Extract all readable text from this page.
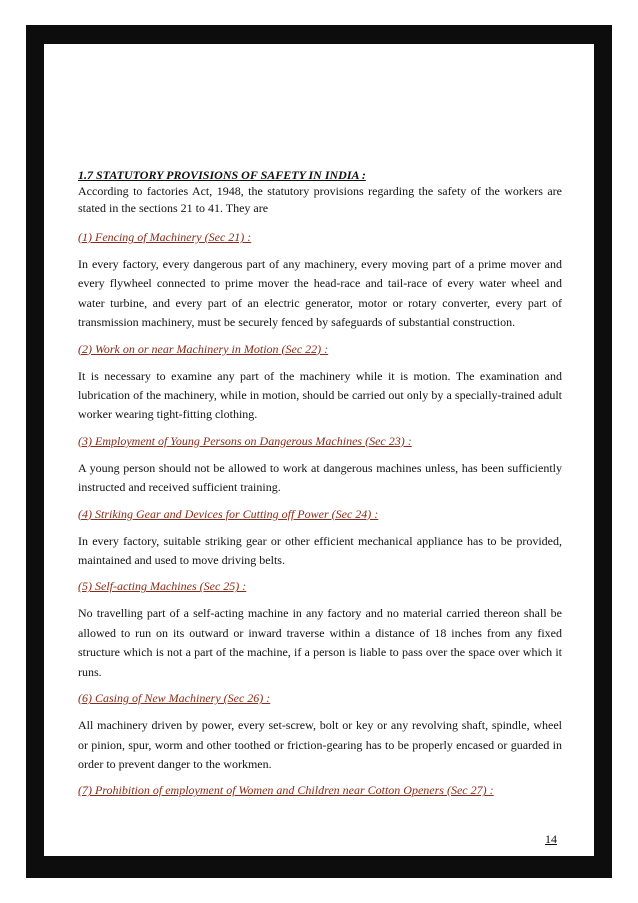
1.7 STATUTORY PROVISIONS OF SAFETY IN INDIA :

According to factories Act, 1948, the statutory provisions regarding the safety of the workers are stated in the sections 21 to 41. They are

(1) Fencing of Machinery (Sec 21) :

In every factory, every dangerous part of any machinery, every moving part of a prime mover and every flywheel connected to prime mover the head-race and tail-race of every water wheel and water turbine, and every part of an electric generator, motor or rotary converter, every part of transmission machinery, must be securely fenced by safeguards of substantial construction.

(2) Work on or near Machinery in Motion (Sec 22) :

It is necessary to examine any part of the machinery while it is motion. The examination and lubrication of the machinery, while in motion, should be carried out only by a specially-trained adult worker wearing tight-fitting clothing.

(3) Employment of Young Persons on Dangerous Machines (Sec 23) :

A young person should not be allowed to work at dangerous machines unless, has been sufficiently instructed and received sufficient training.

(4) Striking Gear and Devices for Cutting off Power (Sec 24) :

In every factory, suitable striking gear or other efficient mechanical appliance has to be provided, maintained and used to move driving belts.

(5) Self-acting Machines (Sec 25) :

No travelling part of a self-acting machine in any factory and no material carried thereon shall be allowed to run on its outward or inward traverse within a distance of 18 inches from any fixed structure which is not a part of the machine, if a person is liable to pass over the space over which it runs.

(6) Casing of New Machinery (Sec 26) :

All machinery driven by power, every set-screw, bolt or key or any revolving shaft, spindle, wheel or pinion, spur, worm and other toothed or friction-gearing has to be properly encased or guarded in order to prevent danger to the workmen.

(7) Prohibition of employment of Women and Children near Cotton Openers (Sec 27) :

14
